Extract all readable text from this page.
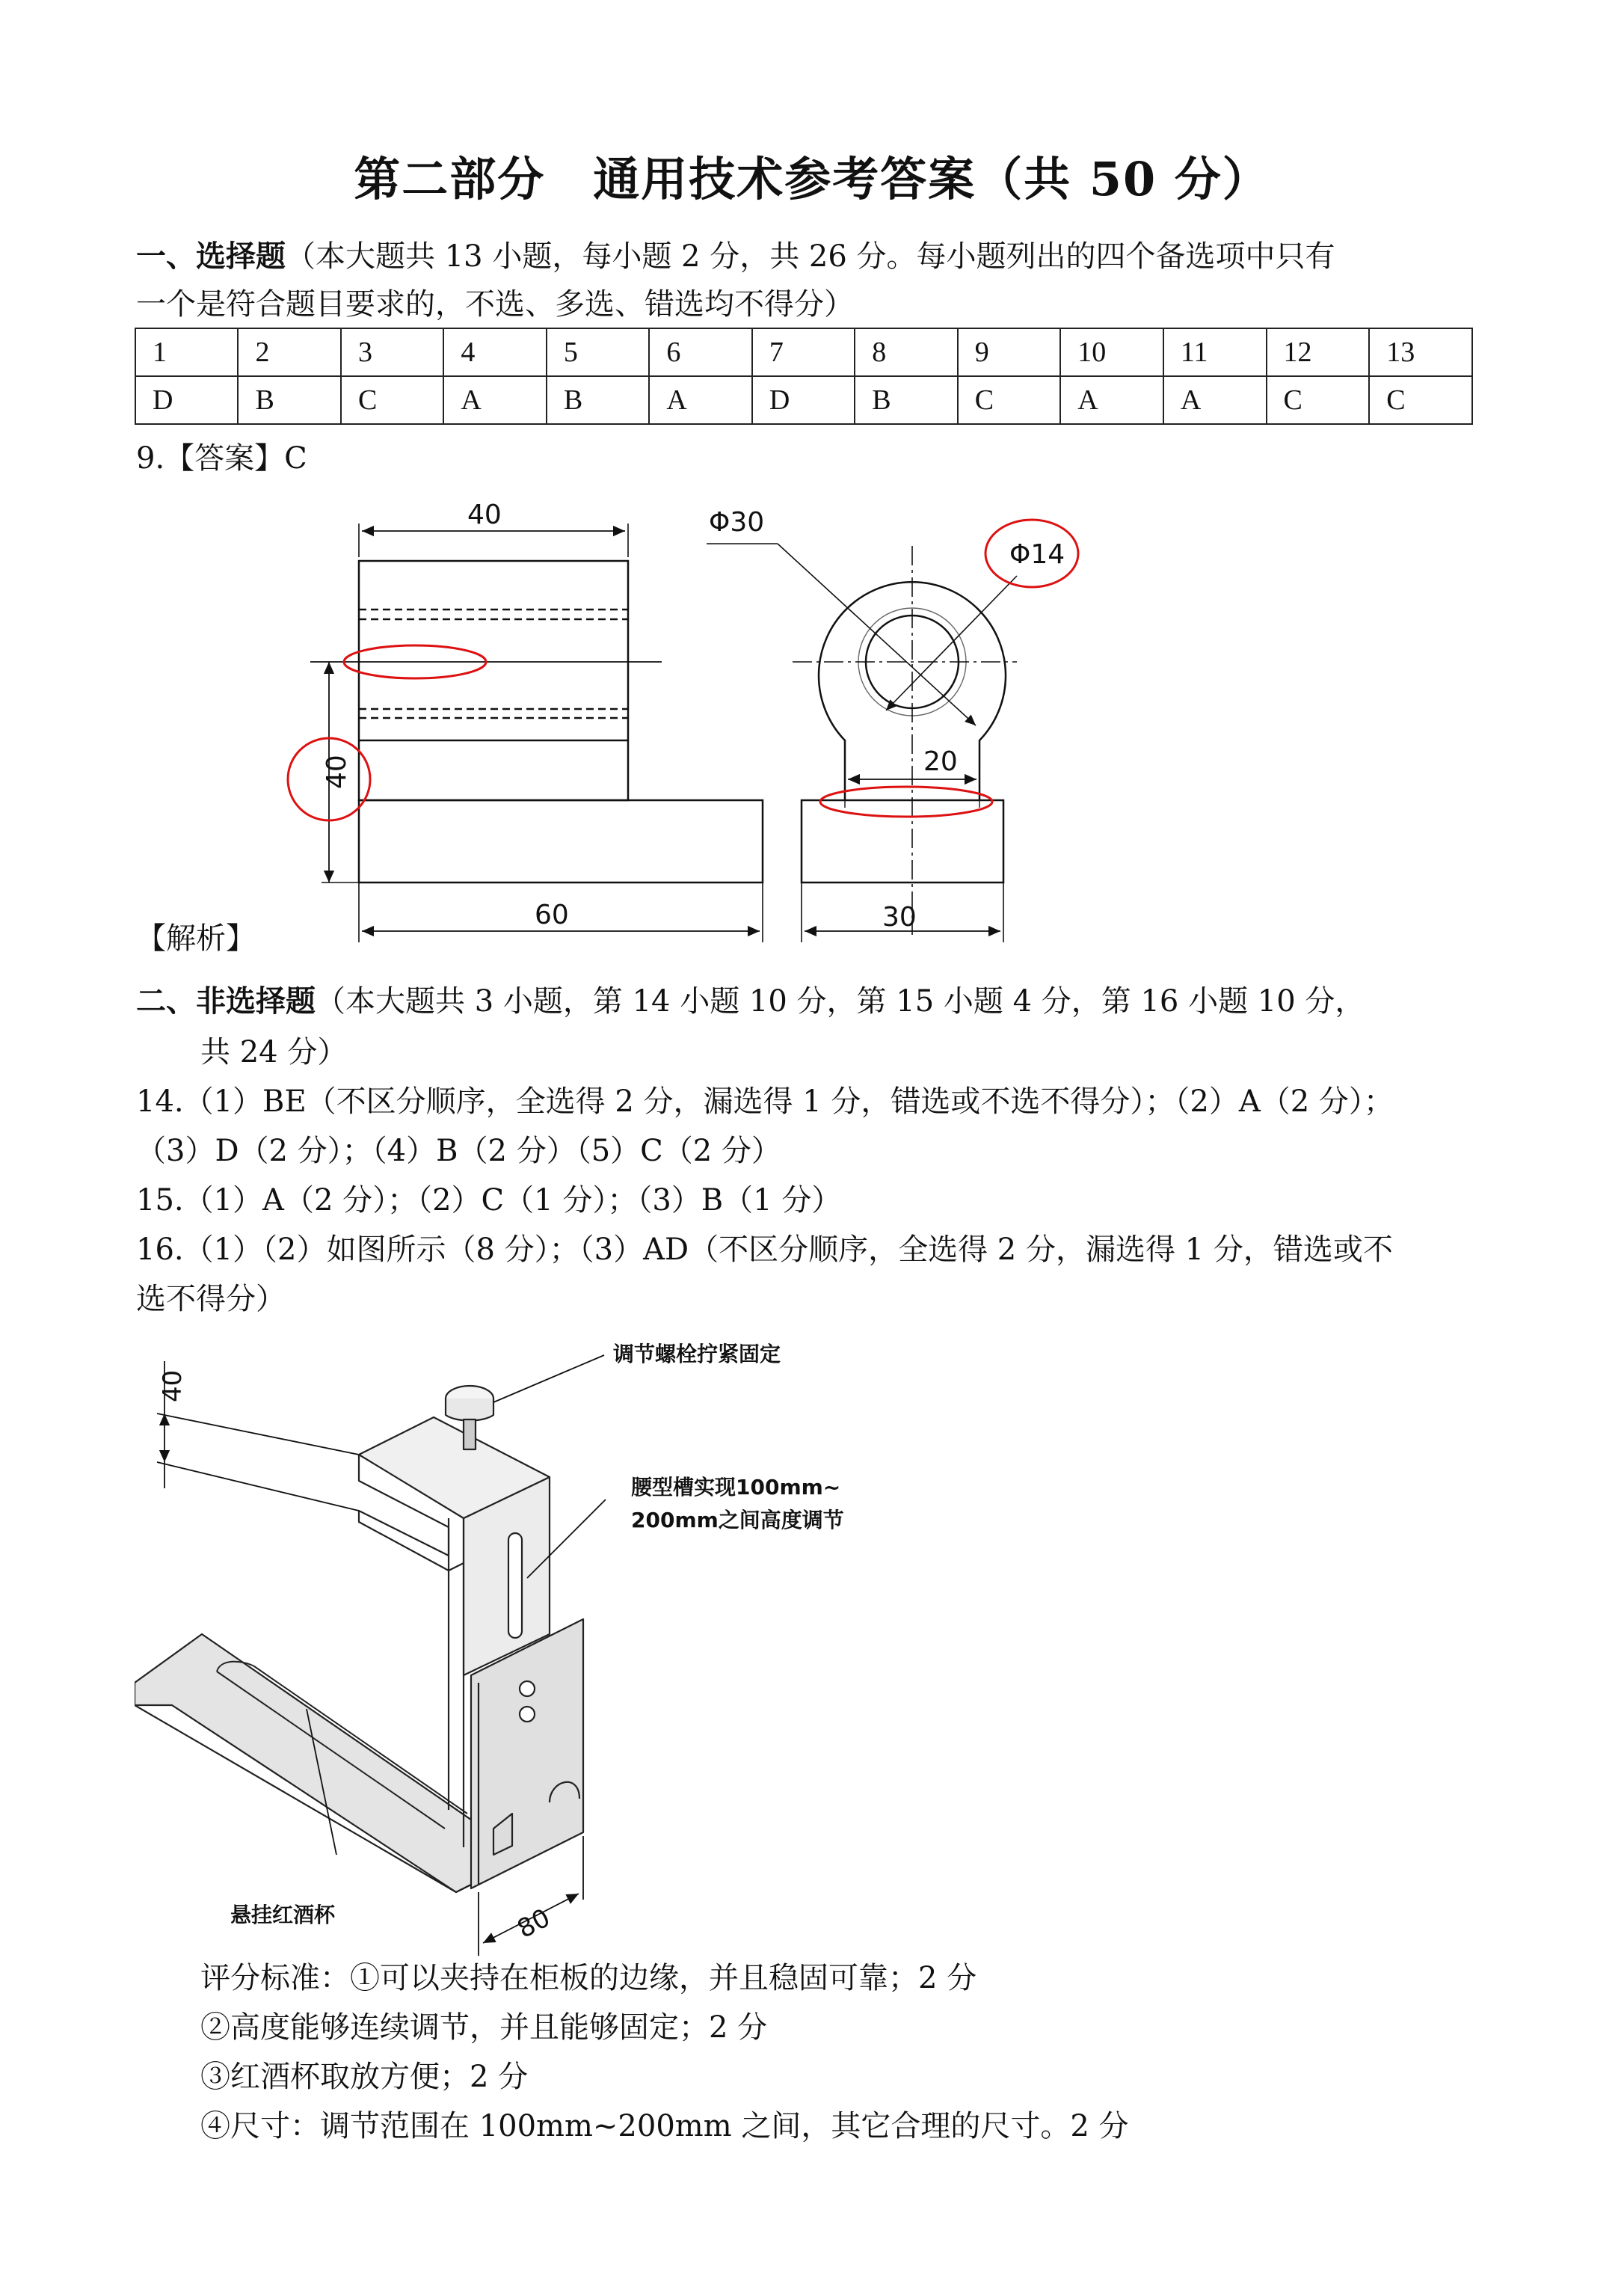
第二部分　通用技术参考答案（共 50 分）
一、选择题（本大题共 13 小题，每小题 2 分，共 26 分。每小题列出的四个备选项中只有
一个是符合题目要求的，不选、多选、错选均不得分）
1	2	3	4	5	6	7	8	9	10	11	12	13
D	B	C	A	B	A	D	B	C	A	A	C	C
9.【答案】C
40
40
60
Φ30
Φ14
20
30
【解析】
二、非选择题（本大题共 3 小题，第 14 小题 10 分，第 15 小题 4 分，第 16 小题 10 分，
共 24 分）
14.（1）BE（不区分顺序，全选得 2 分，漏选得 1 分，错选或不选不得分）；（2）A（2 分）；
（3）D（2 分）；（4）B（2 分）（5）C（2 分）
15.（1）A（2 分）；（2）C（1 分）；（3）B（1 分）
16.（1）（2）如图所示（8 分）；（3）AD（不区分顺序，全选得 2 分，漏选得 1 分，错选或不
选不得分）
40
80
调节螺栓拧紧固定
腰型槽实现100mm~
200mm之间高度调节
悬挂红酒杯
评分标准：①可以夹持在柜板的边缘，并且稳固可靠；2 分
②高度能够连续调节，并且能够固定；2 分
③红酒杯取放方便；2 分
④尺寸：调节范围在 100mm~200mm 之间，其它合理的尺寸。2 分
